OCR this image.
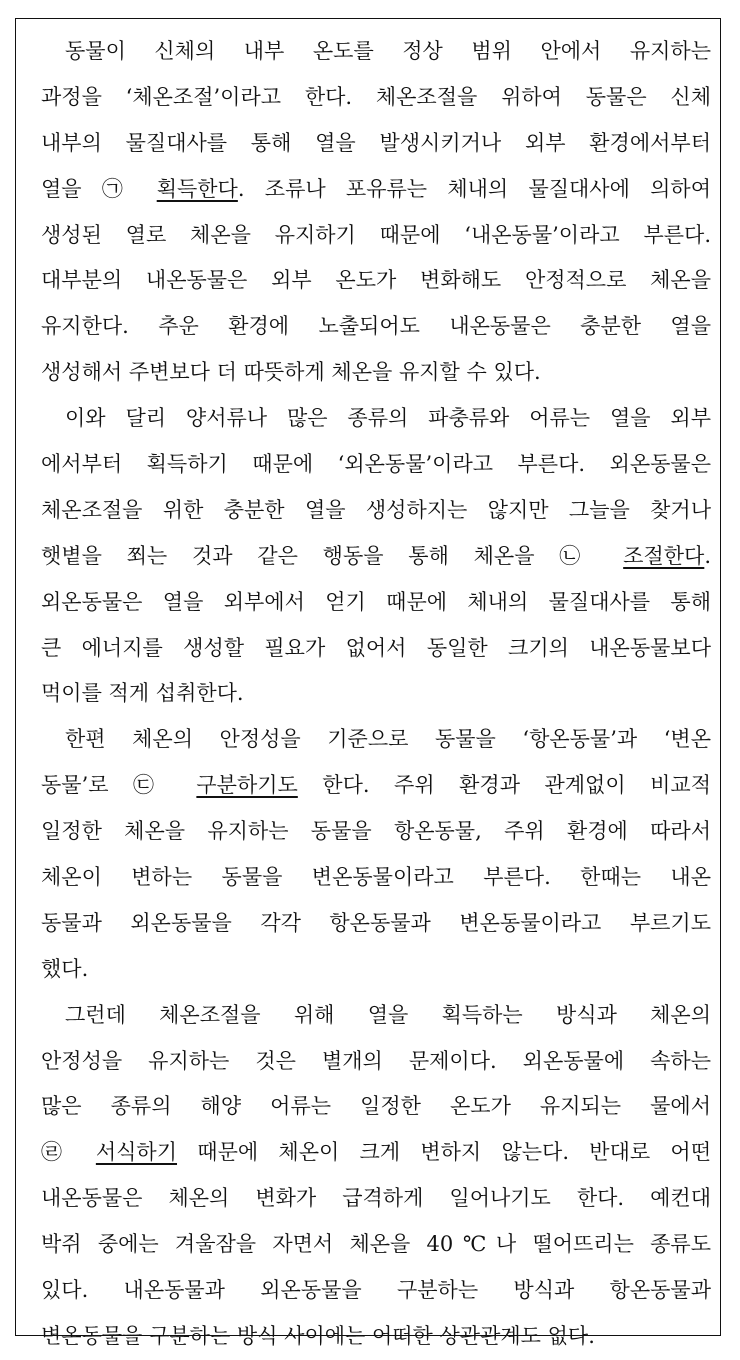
동물이 신체의 내부 온도를 정상 범위 안에서 유지하는
과정을 ‘체온조절’이라고 한다. 체온조절을 위하여 동물은 신체
내부의 물질대사를 통해 열을 발생시키거나 외부 환경에서부터
열을 ㉠ 획득한다. 조류나 포유류는 체내의 물질대사에 의하여
생성된 열로 체온을 유지하기 때문에 ‘내온동물’이라고 부른다.
대부분의 내온동물은 외부 온도가 변화해도 안정적으로 체온을
유지한다. 추운 환경에 노출되어도 내온동물은 충분한 열을
생성해서 주변보다 더 따뜻하게 체온을 유지할 수 있다.
이와 달리 양서류나 많은 종류의 파충류와 어류는 열을 외부
에서부터 획득하기 때문에 ‘외온동물’이라고 부른다. 외온동물은
체온조절을 위한 충분한 열을 생성하지는 않지만 그늘을 찾거나
햇볕을 쬐는 것과 같은 행동을 통해 체온을 ㉡ 조절한다.
외온동물은 열을 외부에서 얻기 때문에 체내의 물질대사를 통해
큰 에너지를 생성할 필요가 없어서 동일한 크기의 내온동물보다
먹이를 적게 섭취한다.
한편 체온의 안정성을 기준으로 동물을 ‘항온동물’과 ‘변온
동물’로 ㉢ 구분하기도 한다. 주위 환경과 관계없이 비교적
일정한 체온을 유지하는 동물을 항온동물, 주위 환경에 따라서
체온이 변하는 동물을 변온동물이라고 부른다. 한때는 내온
동물과 외온동물을 각각 항온동물과 변온동물이라고 부르기도
했다.
그런데 체온조절을 위해 열을 획득하는 방식과 체온의
안정성을 유지하는 것은 별개의 문제이다. 외온동물에 속하는
많은 종류의 해양 어류는 일정한 온도가 유지되는 물에서
㉣ 서식하기 때문에 체온이 크게 변하지 않는다. 반대로 어떤
내온동물은 체온의 변화가 급격하게 일어나기도 한다. 예컨대
박쥐 중에는 겨울잠을 자면서 체온을 40℃나 떨어뜨리는 종류도
있다. 내온동물과 외온동물을 구분하는 방식과 항온동물과
변온동물을 구분하는 방식 사이에는 어떠한 상관관계도 없다.
